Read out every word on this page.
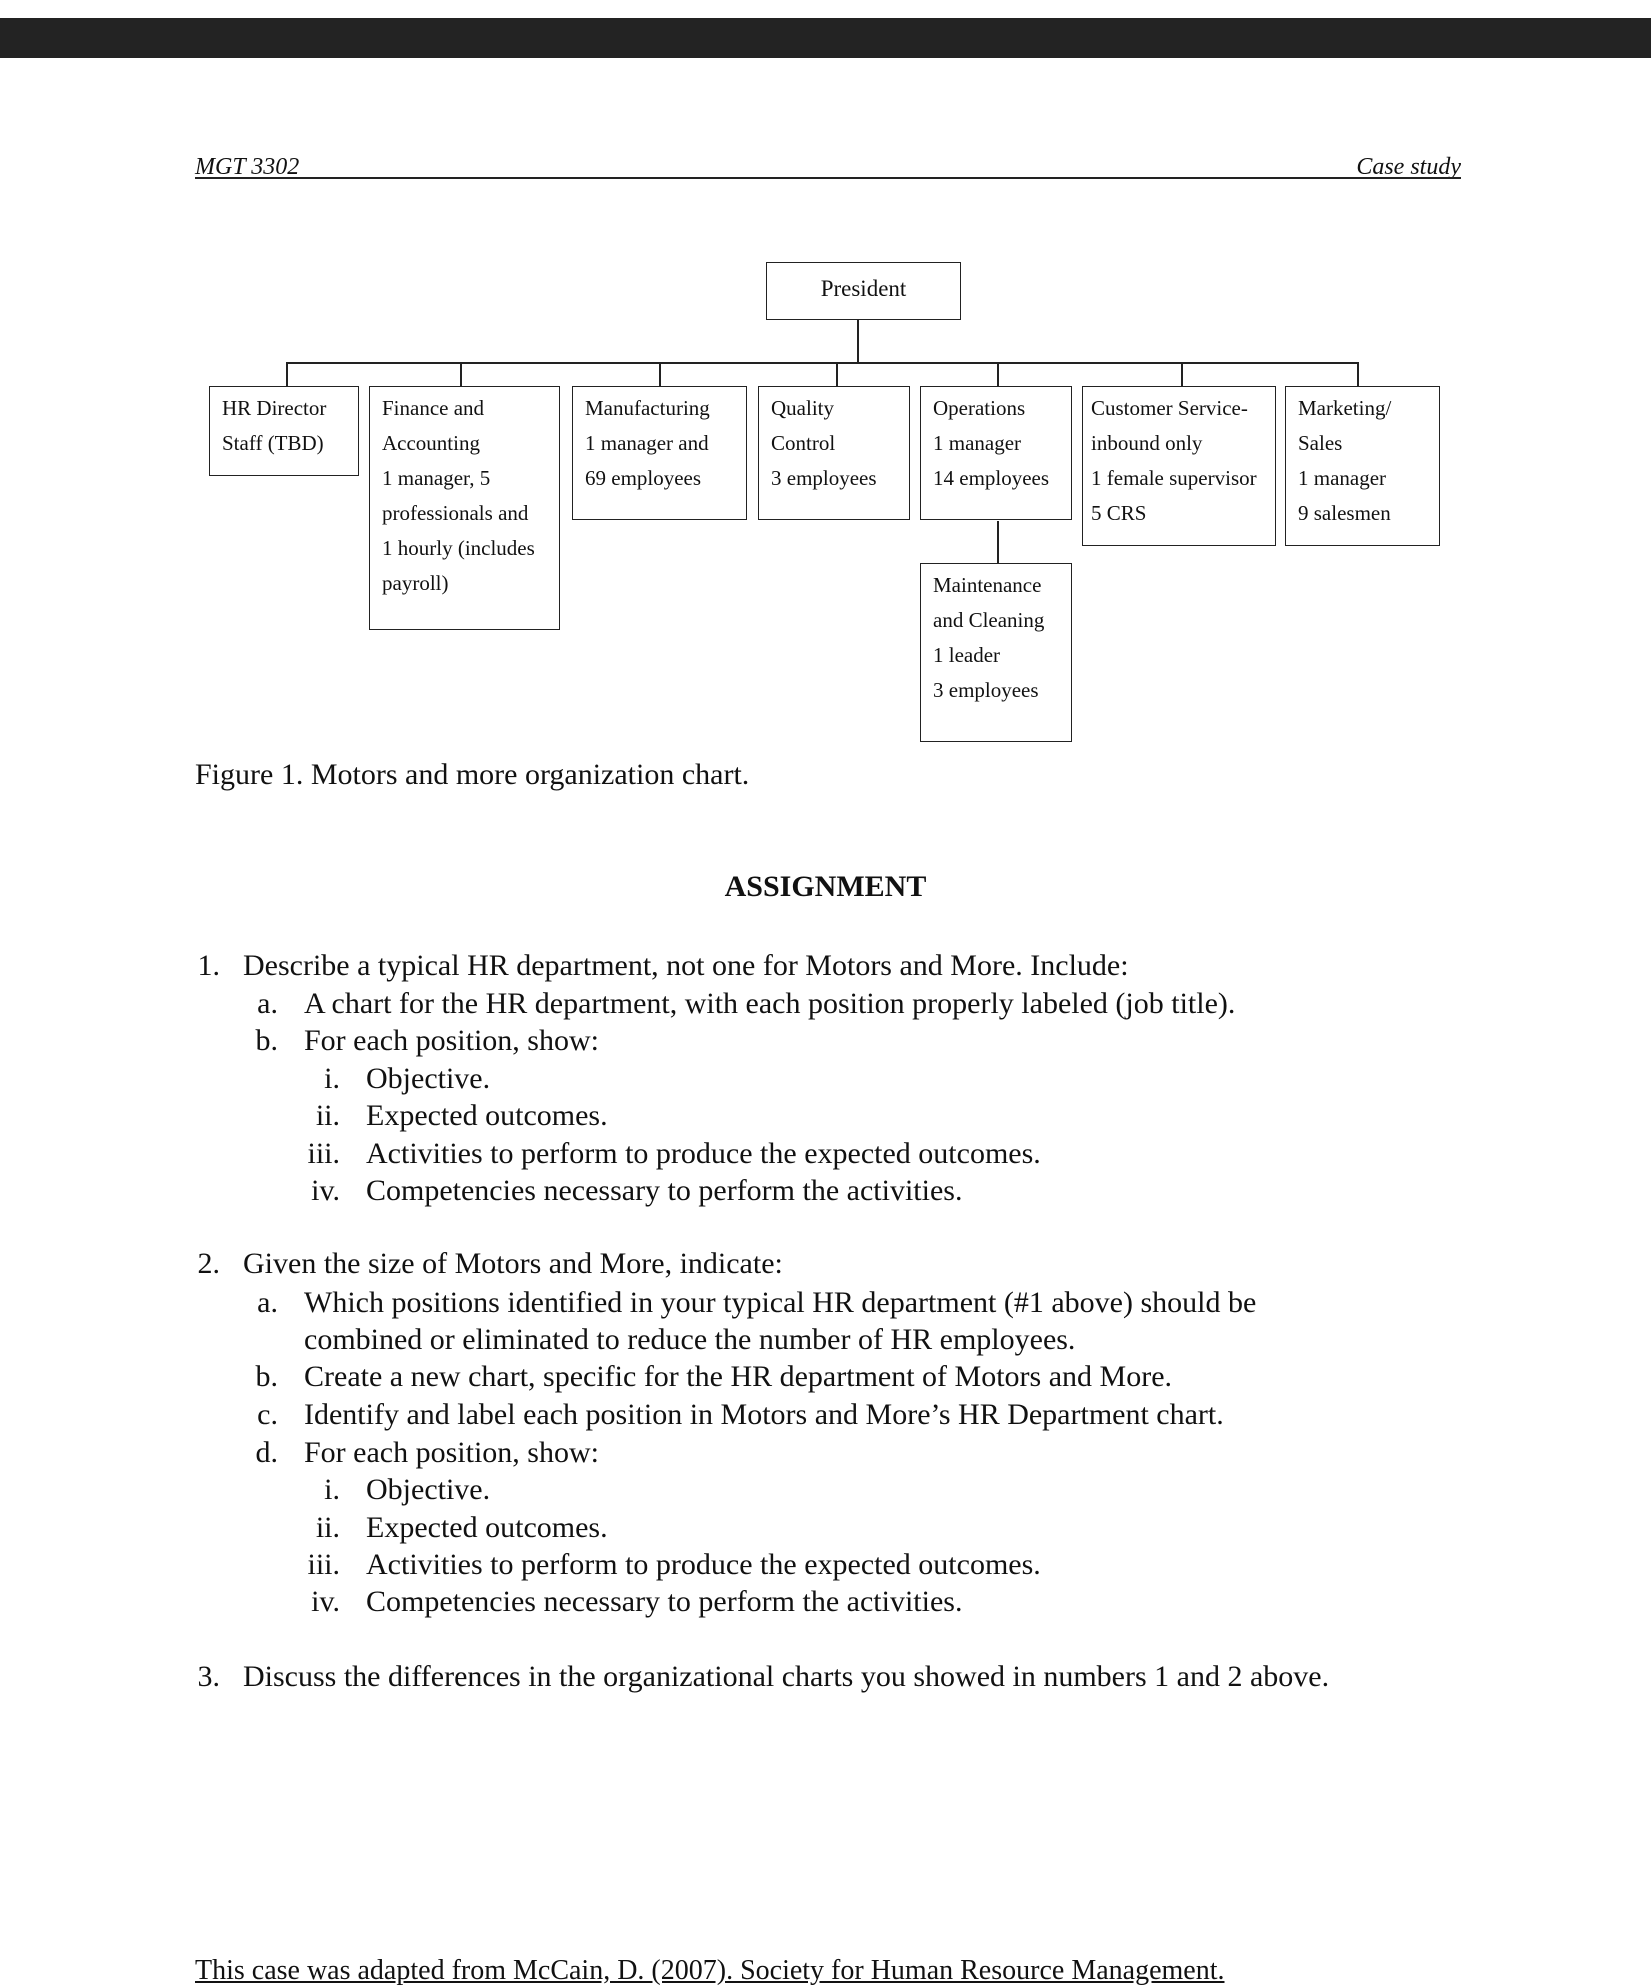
MGT 3302	Case study
President
HR Director
Staff (TBD)
Finance and
Accounting
1 manager, 5
professionals and
1 hourly (includes
payroll)
Manufacturing
1 manager and
69 employees
Quality
Control
3 employees
Operations
1 manager
14 employees
Customer Service-
inbound only
1 female supervisor
5 CRS
Marketing/
Sales
1 manager
9 salesmen
Maintenance
and Cleaning
1 leader
3 employees
Figure 1. Motors and more organization chart.
ASSIGNMENT
1. Describe a typical HR department, not one for Motors and More. Include:
a. A chart for the HR department, with each position properly labeled (job title).
b. For each position, show:
i. Objective.
ii. Expected outcomes.
iii. Activities to perform to produce the expected outcomes.
iv. Competencies necessary to perform the activities.
2. Given the size of Motors and More, indicate:
a. Which positions identified in your typical HR department (#1 above) should be
combined or eliminated to reduce the number of HR employees.
b. Create a new chart, specific for the HR department of Motors and More.
c. Identify and label each position in Motors and More’s HR Department chart.
d. For each position, show:
i. Objective.
ii. Expected outcomes.
iii. Activities to perform to produce the expected outcomes.
iv. Competencies necessary to perform the activities.
3. Discuss the differences in the organizational charts you showed in numbers 1 and 2 above.
This case was adapted from McCain, D. (2007). Society for Human Resource Management.
